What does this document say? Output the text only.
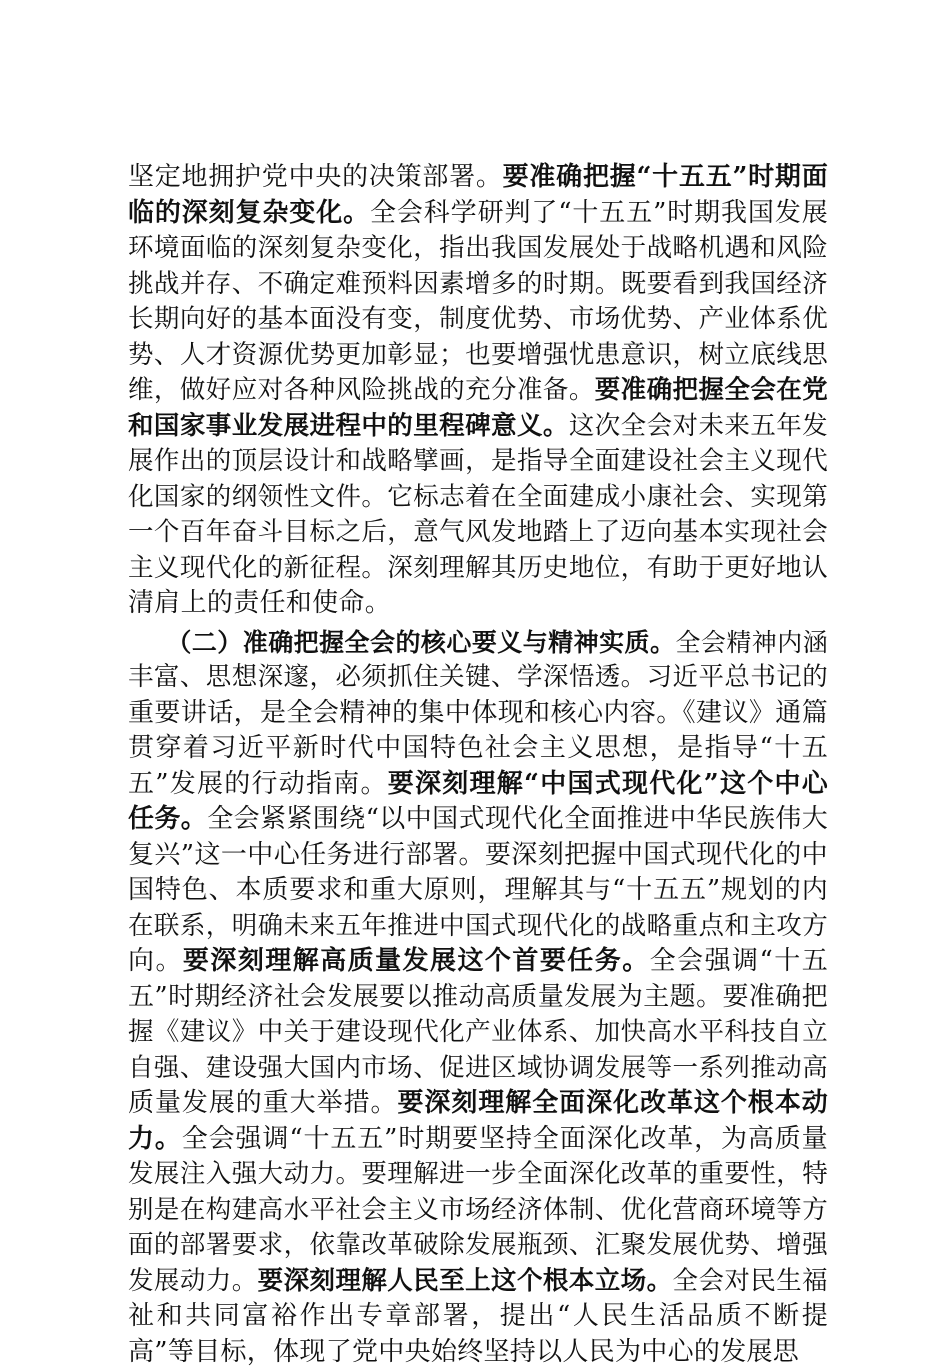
坚定地拥护党中央的决策部署。要准确把握“十五五”时期面
临的深刻复杂变化。全会科学研判了“十五五”时期我国发展
环境面临的深刻复杂变化，指出我国发展处于战略机遇和风险
挑战并存、不确定难预料因素增多的时期。既要看到我国经济
长期向好的基本面没有变，制度优势、市场优势、产业体系优
势、人才资源优势更加彰显；也要增强忧患意识，树立底线思
维，做好应对各种风险挑战的充分准备。要准确把握全会在党
和国家事业发展进程中的里程碑意义。这次全会对未来五年发
展作出的顶层设计和战略擘画，是指导全面建设社会主义现代
化国家的纲领性文件。它标志着在全面建成小康社会、实现第
一个百年奋斗目标之后，意气风发地踏上了迈向基本实现社会
主义现代化的新征程。深刻理解其历史地位，有助于更好地认
清肩上的责任和使命。
　　（二）准确把握全会的核心要义与精神实质。全会精神内涵
丰富、思想深邃，必须抓住关键、学深悟透。习近平总书记的
重要讲话，是全会精神的集中体现和核心内容。《建议》通篇
贯穿着习近平新时代中国特色社会主义思想，是指导“十五
五”发展的行动指南。要深刻理解“中国式现代化”这个中心
任务。全会紧紧围绕“以中国式现代化全面推进中华民族伟大
复兴”这一中心任务进行部署。要深刻把握中国式现代化的中
国特色、本质要求和重大原则，理解其与“十五五”规划的内
在联系，明确未来五年推进中国式现代化的战略重点和主攻方
向。要深刻理解高质量发展这个首要任务。全会强调“十五
五”时期经济社会发展要以推动高质量发展为主题。要准确把
握《建议》中关于建设现代化产业体系、加快高水平科技自立
自强、建设强大国内市场、促进区域协调发展等一系列推动高
质量发展的重大举措。要深刻理解全面深化改革这个根本动
力。全会强调“十五五”时期要坚持全面深化改革，为高质量
发展注入强大动力。要理解进一步全面深化改革的重要性，特
别是在构建高水平社会主义市场经济体制、优化营商环境等方
面的部署要求，依靠改革破除发展瓶颈、汇聚发展优势、增强
发展动力。要深刻理解人民至上这个根本立场。全会对民生福
祉和共同富裕作出专章部署，提出“人民生活品质不断提
高”等目标，体现了党中央始终坚持以人民为中心的发展思
